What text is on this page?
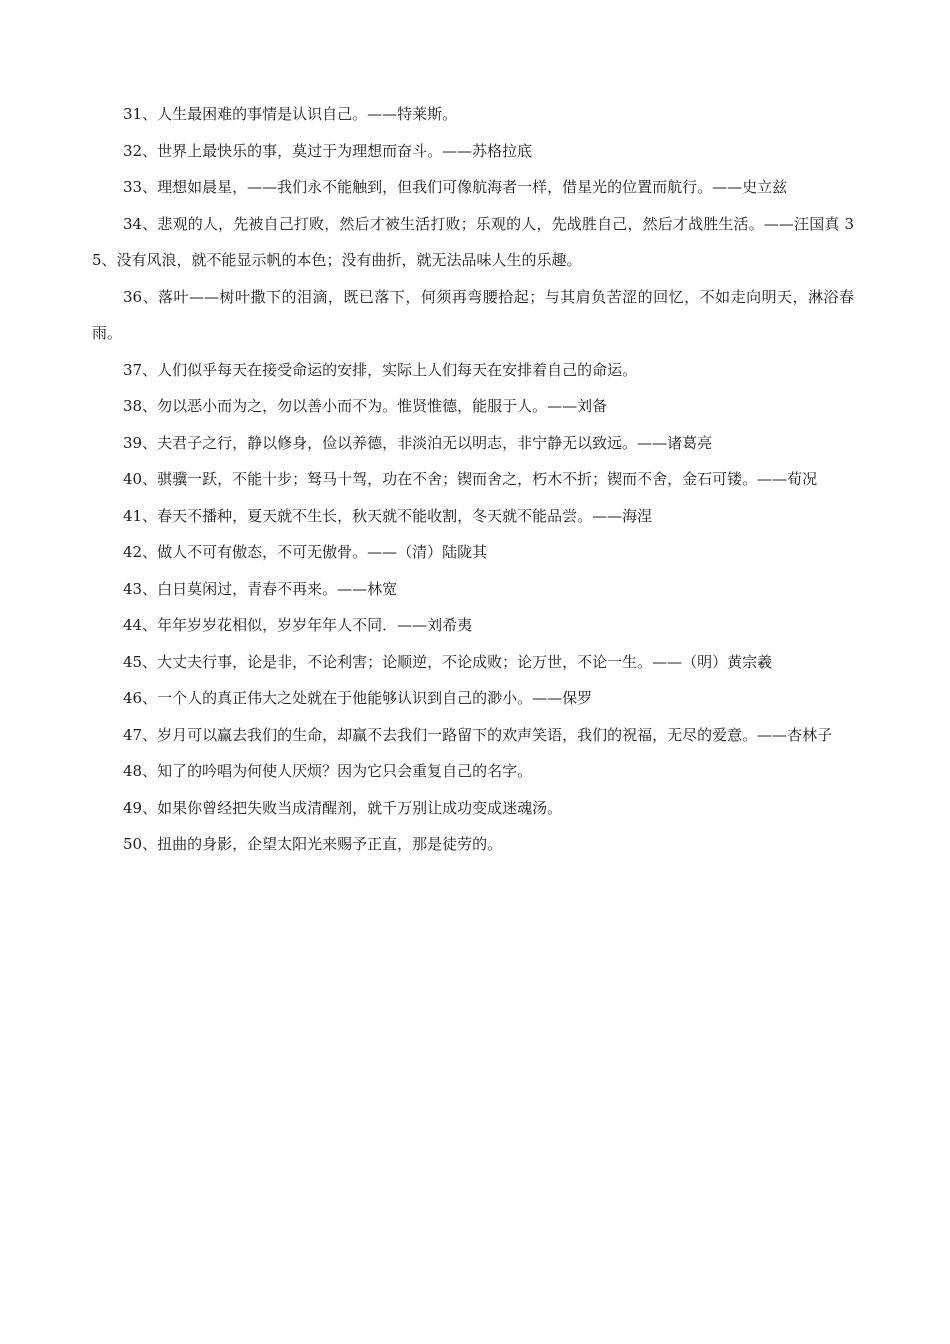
31、人生最困难的事情是认识自己。——特莱斯。

32、世界上最快乐的事，莫过于为理想而奋斗。——苏格拉底

33、理想如晨星，——我们永不能触到，但我们可像航海者一样，借星光的位置而航行。——史立兹

34、悲观的人，先被自己打败，然后才被生活打败；乐观的人，先战胜自己，然后才战胜生活。——汪国真 35、没有风浪，就不能显示帆的本色；没有曲折，就无法品味人生的乐趣。

36、落叶——树叶撒下的泪滴，既已落下，何须再弯腰拾起；与其肩负苦涩的回忆，不如走向明天，淋浴春雨。

37、人们似乎每天在接受命运的安排，实际上人们每天在安排着自己的命运。

38、勿以恶小而为之，勿以善小而不为。惟贤惟德，能服于人。——刘备

39、夫君子之行，静以修身，俭以养德，非淡泊无以明志，非宁静无以致远。——诸葛亮

40、骐骥一跃，不能十步；驽马十驾，功在不舍；锲而舍之，朽木不折；锲而不舍，金石可镂。——荀况

41、春天不播种，夏天就不生长，秋天就不能收割，冬天就不能品尝。——海涅

42、做人不可有傲态，不可无傲骨。——（清）陆陇其

43、白日莫闲过，青春不再来。——林宽

44、年年岁岁花相似，岁岁年年人不同．——刘希夷

45、大丈夫行事，论是非，不论利害；论顺逆，不论成败；论万世，不论一生。——（明）黄宗羲

46、一个人的真正伟大之处就在于他能够认识到自己的渺小。——保罗

47、岁月可以赢去我们的生命，却赢不去我们一路留下的欢声笑语，我们的祝福，无尽的爱意。——杏林子

48、知了的吟唱为何使人厌烦？因为它只会重复自己的名字。

49、如果你曾经把失败当成清醒剂，就千万别让成功变成迷魂汤。

50、扭曲的身影，企望太阳光来赐予正直，那是徒劳的。
